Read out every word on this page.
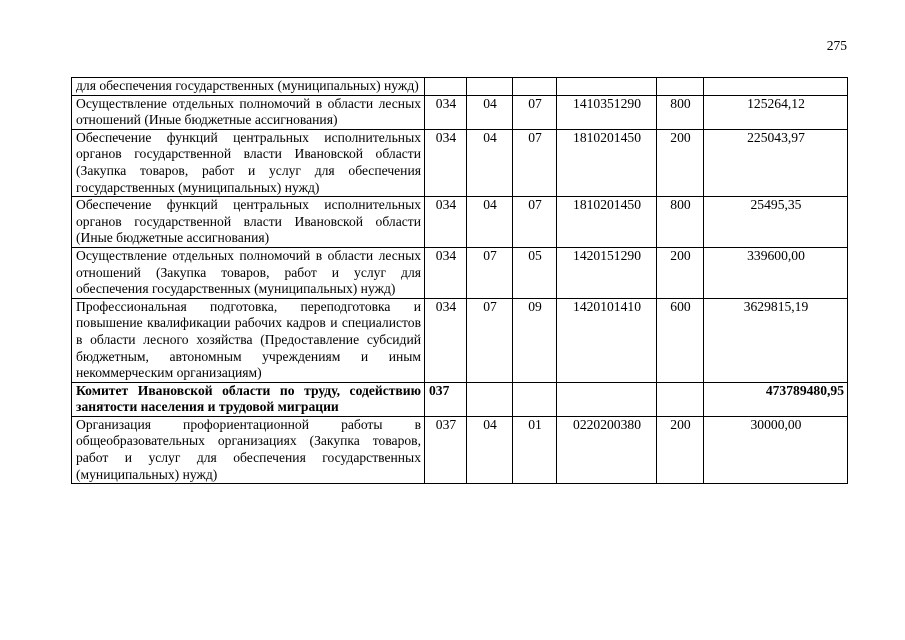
275
для обеспечения государственных (муниципальных) нужд)						
Осуществление отдельных полномочий в области лесных отношений (Иные бюджетные ассигнования)	034	04	07	1410351290	800	125264,12
Обеспечение функций центральных исполнительных органов государственной власти Ивановской области (Закупка товаров, работ и услуг для обеспечения государственных (муниципальных) нужд)	034	04	07	1810201450	200	225043,97
Обеспечение функций центральных исполнительных органов государственной власти Ивановской области (Иные бюджетные ассигнования)	034	04	07	1810201450	800	25495,35
Осуществление отдельных полномочий в области лесных отношений (Закупка товаров, работ и услуг для обеспечения государственных (муниципальных) нужд)	034	07	05	1420151290	200	339600,00
Профессиональная подготовка, переподготовка и повышение квалификации рабочих кадров и специалистов в области лесного хозяйства (Предоставление субсидий бюджетным, автономным учреждениям и иным некоммерческим организациям)	034	07	09	1420101410	600	3629815,19
Комитет Ивановской области по труду, содействию занятости населения и трудовой миграции	037					473789480,95
Организация профориентационной работы в общеобразовательных организациях (Закупка товаров, работ и услуг для обеспечения государственных (муниципальных) нужд)	037	04	01	0220200380	200	30000,00
